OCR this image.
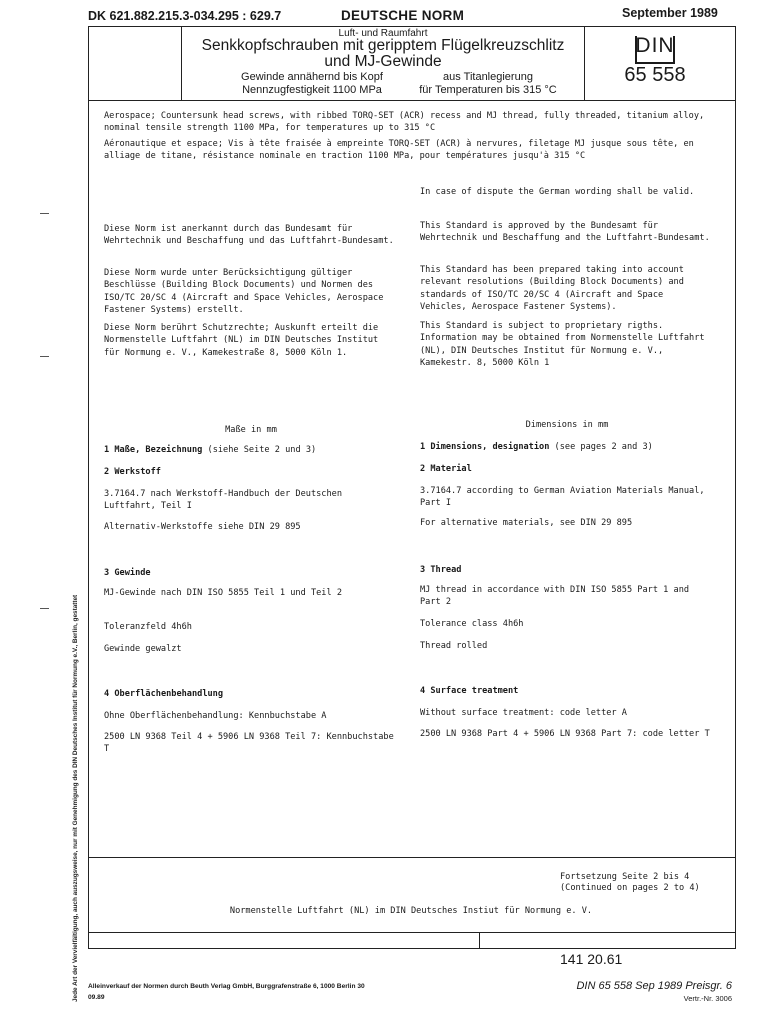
DK 621.882.215.3-034.295 : 629.7	DEUTSCHE NORM	September 1989
Luft- und Raumfahrt
Senkkopfschrauben mit geripptem Flügelkreuzschlitz
und MJ-Gewinde
Gewinde annähernd bis Kopf
Nennzugfestigkeit 1100 MPa
aus Titanlegierung
für Temperaturen bis 315 °C
DIN
65 558
Aerospace; Countersunk head screws, with ribbed TORQ-SET (ACR) recess and MJ thread, fully threaded, titanium alloy, nominal tensile strength 1100 MPa, for temperatures up to 315 °C
Aéronautique et espace; Vis à tête fraisée à empreinte TORQ-SET (ACR) à nervures, filetage MJ jusque sous tête, en alliage de titane, résistance nominale en traction 1100 MPa, pour températures jusqu'à 315 °C
In case of dispute the German wording shall be valid.
Diese Norm ist anerkannt durch das Bundesamt für Wehrtechnik und Beschaffung und das Luftfahrt-Bundesamt.
This Standard is approved by the Bundesamt für Wehrtechnik und Beschaffung and the Luftfahrt-Bundesamt.
Diese Norm wurde unter Berücksichtigung gültiger Beschlüsse (Building Block Documents) und Normen des ISO/TC 20/SC 4 (Aircraft and Space Vehicles, Aerospace Fastener Systems) erstellt.
This Standard has been prepared taking into account relevant resolutions (Building Block Documents) and standards of ISO/TC 20/SC 4 (Aircraft and Space Vehicles, Aerospace Fastener Systems).
Diese Norm berührt Schutzrechte; Auskunft erteilt die Normenstelle Luftfahrt (NL) im DIN Deutsches Institut für Normung e. V., Kamekestraße 8, 5000 Köln 1.
This Standard is subject to proprietary rigths. Information may be obtained from Normenstelle Luftfahrt (NL), DIN Deutsches Institut für Normung e. V., Kamekestr. 8, 5000 Köln 1
Maße in mm	Dimensions in mm
1 Maße, Bezeichnung (siehe Seite 2 und 3)	1 Dimensions, designation (see pages 2 and 3)
2 Werkstoff	2 Material
3.7164.7 nach Werkstoff-Handbuch der Deutschen Luftfahrt, Teil I
3.7164.7 according to German Aviation Materials Manual, Part I
Alternativ-Werkstoffe siehe DIN 29 895	For alternative materials, see DIN 29 895
3 Gewinde	3 Thread
MJ-Gewinde nach DIN ISO 5855 Teil 1 und Teil 2	MJ thread in accordance with DIN ISO 5855 Part 1 and Part 2
Toleranzfeld 4h6h	Tolerance class 4h6h
Gewinde gewalzt	Thread rolled
4 Oberflächenbehandlung	4 Surface treatment
Ohne Oberflächenbehandlung: Kennbuchstabe A	Without surface treatment: code letter A
2500 LN 9368 Teil 4 + 5906 LN 9368 Teil 7: Kennbuchstabe T
2500 LN 9368 Part 4 + 5906 LN 9368 Part 7: code letter T
Fortsetzung Seite 2 bis 4
(Continued on pages 2 to 4)
Normenstelle Luftfahrt (NL) im DIN Deutsches Instiut für Normung e. V.
141 20.61
Alleinverkauf der Normen durch Beuth Verlag GmbH, Burggrafenstraße 6, 1000 Berlin 30
09.89
DIN 65 558 Sep 1989 Preisgr. 6
Vertr.-Nr. 3006
Jede Art der Vervielfältigung, auch auszugsweise, nur mit Genehmigung des DIN Deutsches Institut für Normung e.V., Berlin, gestattet
